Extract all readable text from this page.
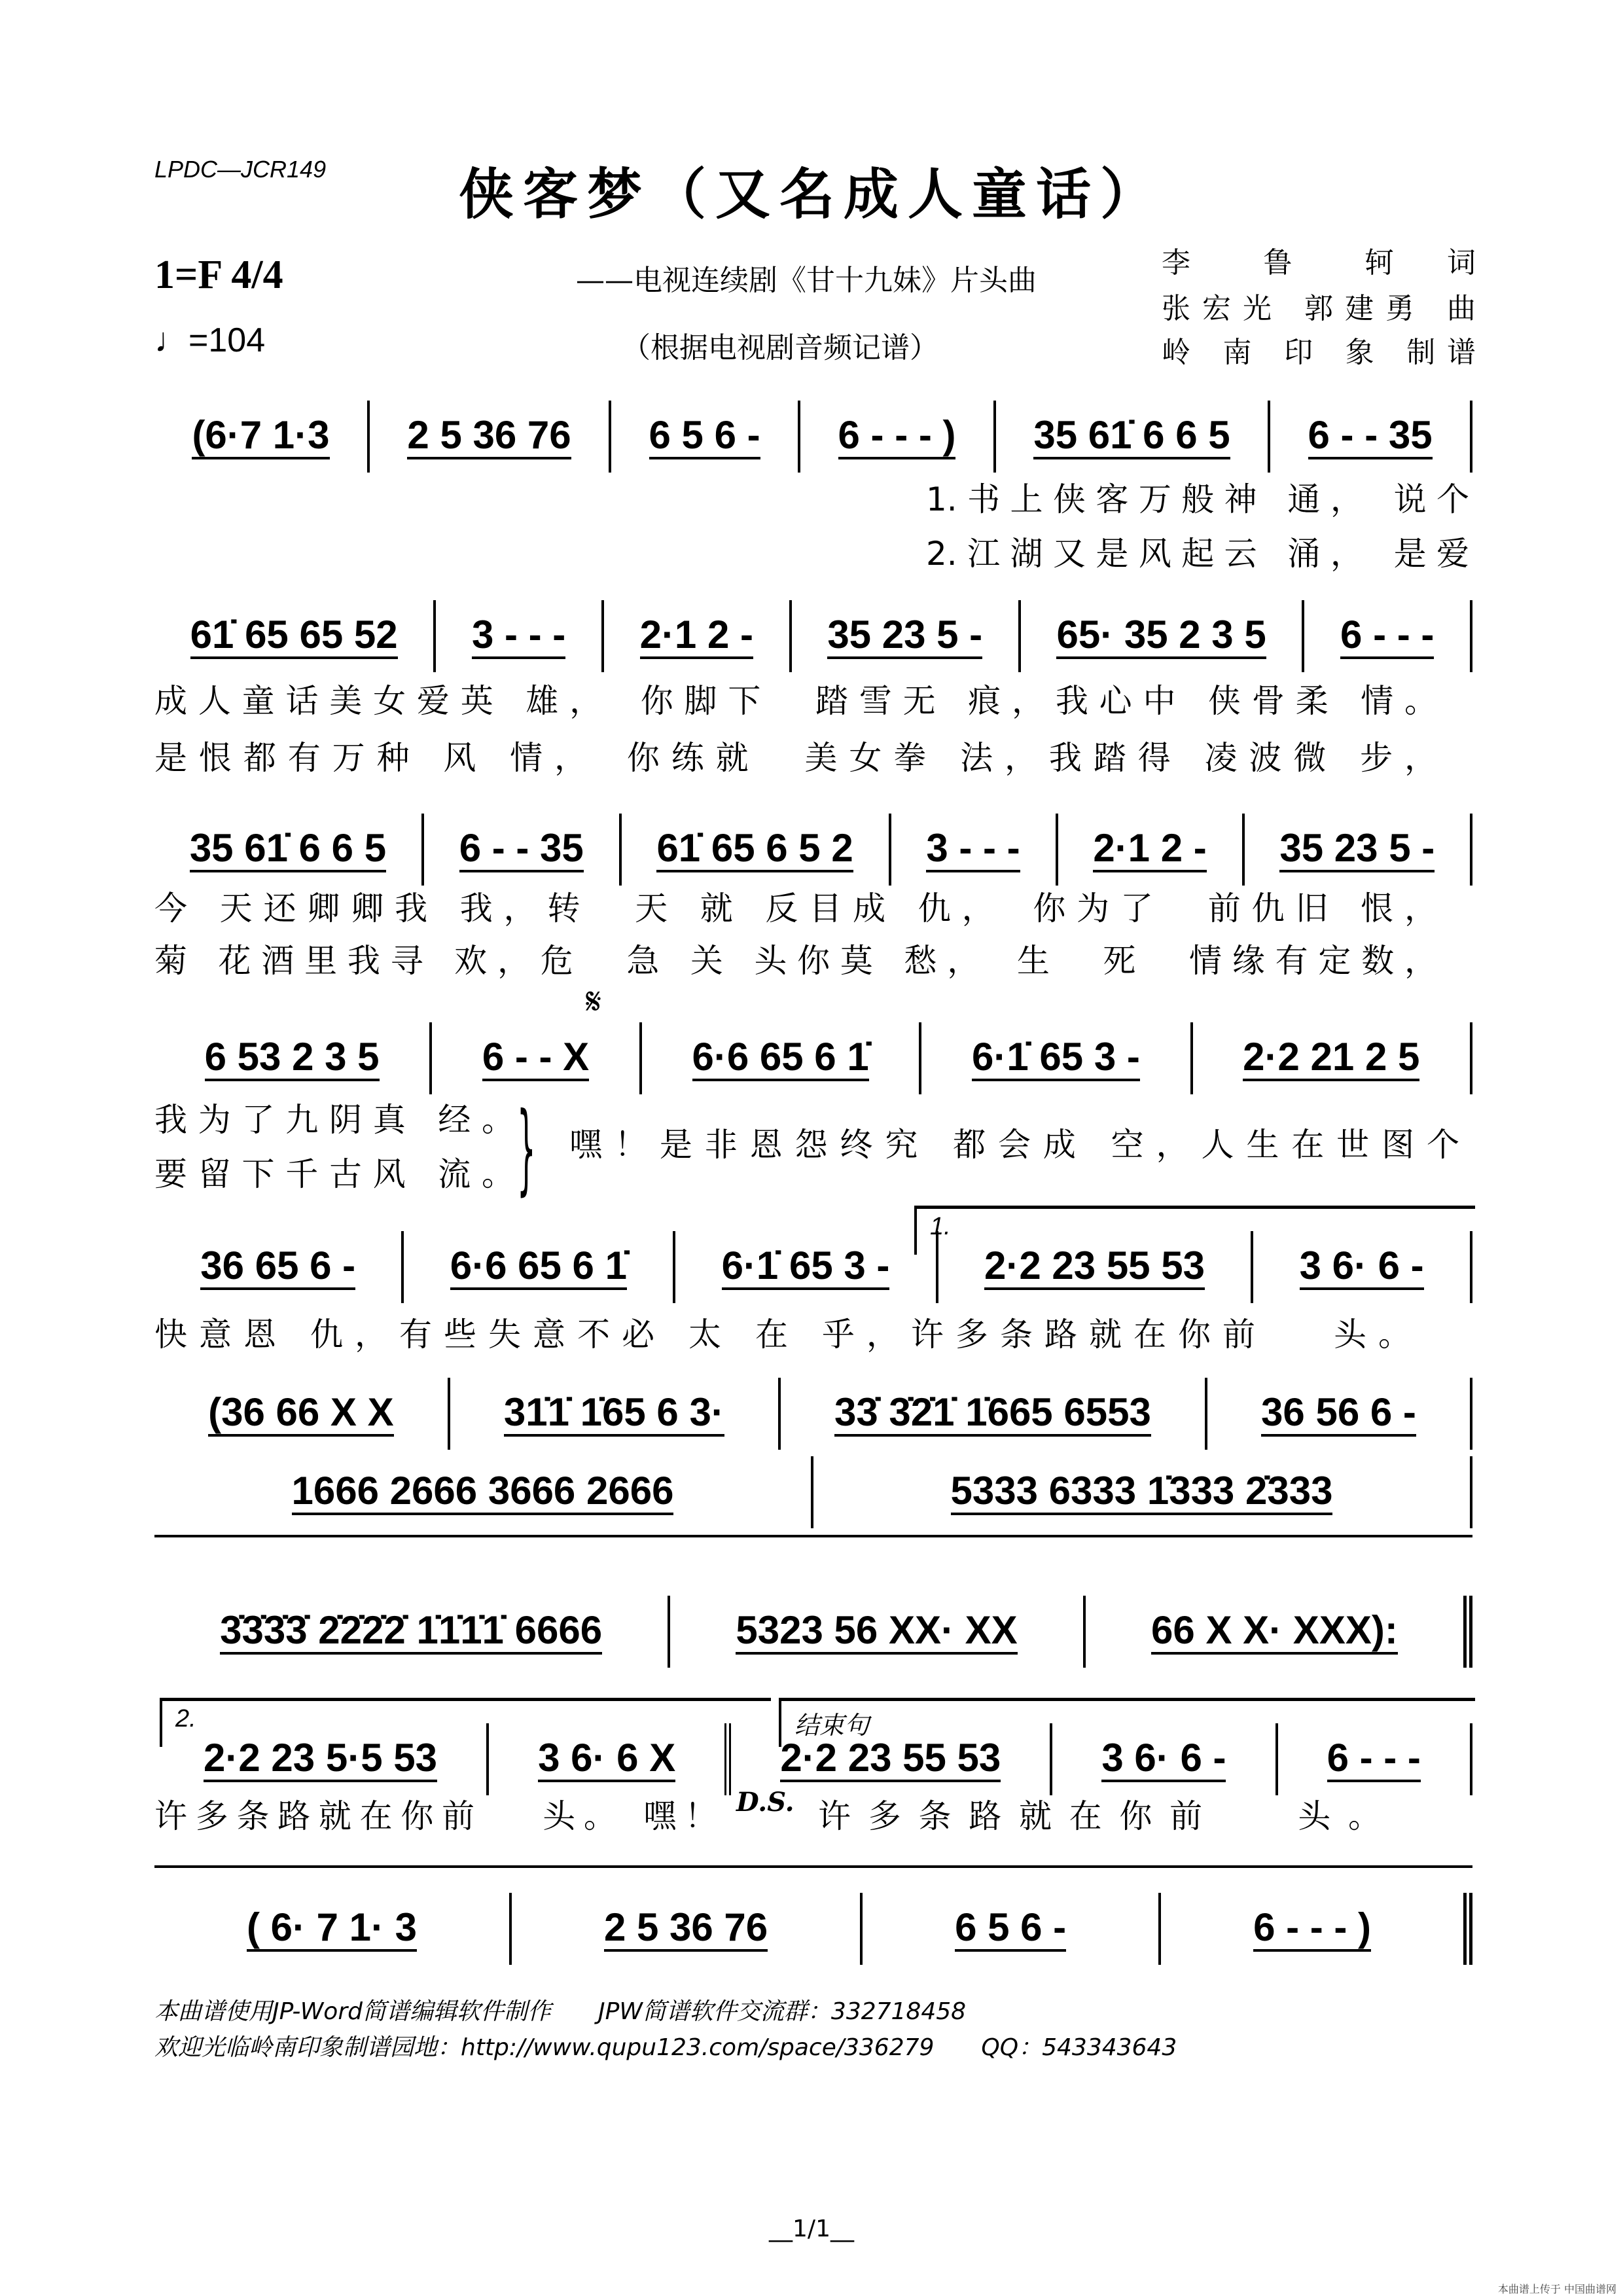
LPDC—JCR149	侠客梦（又名成人童话）
1=F 4/4
♩=104
——电视连续剧《甘十九妹》片头曲
（根据电视剧音频记谱）
李　鲁　轲 词
张宏光 郭建勇 曲
岭 南 印 象 制谱
(6·7 1·3 2 5 36 76 6 5 6 - 6 - - - ) 35 61̇ 6 6 5 6 - - 35
61̇ 65 65 52 3 - - - 2·1 2 - 35 23 5 - 65· 35 2 3 5 6 - - -
35 61̇ 6 6 5 6 - - 35 61̇ 65 6 5 2 3 - - - 2·1 2 - 35 23 5 -
6 53 2 3 5	6 - - X	6·6 65 6 1̇	6·1̇ 65 3 -	2·2 21 2 5
36 65 6 - 6·6 65 6 1̇ 6·1̇ 65 3 - 2·2 23 55 53 3 6· 6 -
(36 66 X X	31̇1̇ 1̇65 6 3·	33̇ 3̇2̇1̇ 1̇665 6553	36 56 6 -
1666 2666 3666 2666	5333 6333 1̇333 2̇333
3̇3̇3̇3̇ 2̇2̇2̇2̇ 1̇1̇1̇1̇ 6666	5323 56 XX· XX	66 X X· XXX):
2·2 23 5·5 53	3 6· 6 X	2·2 23 55 53	3 6· 6 -	6 - - -
( 6· 7 1· 3	2 5 36 76	6 5 6 -	6 - - - )
1.书上侠客万般神 通， 说个
2.江湖又是风起云 涌， 是爱
成人童话美女爱英 雄，　你脚下　踏雪无 痕，我心中 侠骨柔 情。
是恨都有万种 风 情，　你练就　美女拳 法，我踏得 凌波微 步，
今 天还卿卿我 我，转　天 就 反目成 仇，　你为了　前仇旧 恨，
菊 花酒里我寻 欢，危　急 关 头你莫 愁，　生　死　情缘有定数，
我为了九阴真 经。
要留下千古风 流。 } 嘿！是非恩怨终究 都会成 空，人生在世图个
快意恩 仇，有些失意不必 太 在 乎，许多条路就在你前　 头。
许多条路就在你前　 头。 嘿！ D.S. 许多条路就在你前　 头。
𝄋
1.
2.	结束句
本曲谱使用JP-Word简谱编辑软件制作　　JPW简谱软件交流群：332718458
欢迎光临岭南印象制谱园地：http://www.qupu123.com/space/336279　　QQ：543343643
__1/1__
本曲谱上传于 中国曲谱网
